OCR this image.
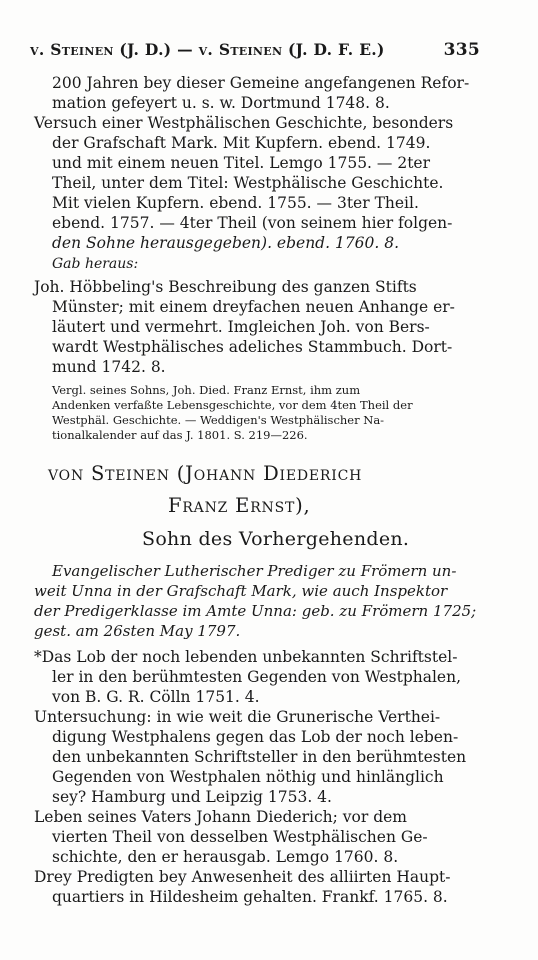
v. Steinen (J. D.) — v. Steinen (J. D. F. E.)	335
200 Jahren bey dieser Gemeine angefangenen Refor-
mation gefeyert u. s. w. Dortmund 1748. 8.
Versuch einer Westphälischen Geschichte, besonders
der Grafschaft Mark. Mit Kupfern. ebend. 1749.
und mit einem neuen Titel. Lemgo 1755. — 2ter
Theil, unter dem Titel: Westphälische Geschichte.
Mit vielen Kupfern. ebend. 1755. — 3ter Theil.
ebend. 1757. — 4ter Theil (von seinem hier folgen-
den Sohne herausgegeben). ebend. 1760. 8.
Gab heraus:
Joh. Höbbeling's Beschreibung des ganzen Stifts
Münster; mit einem dreyfachen neuen Anhange er-
läutert und vermehrt. Imgleichen Joh. von Bers-
wardt Westphälisches adeliches Stammbuch. Dort-
mund 1742. 8.
Vergl. seines Sohns, Joh. Died. Franz Ernst, ihm zum
Andenken verfaßte Lebensgeschichte, vor dem 4ten Theil der
Westphäl. Geschichte. — Weddigen's Westphälischer Na-
tionalkalender auf das J. 1801. S. 219—226.
von Steinen (Johann Diederich
Franz Ernst),
Sohn des Vorhergehenden.
Evangelischer Lutherischer Prediger zu Frömern un-
weit Unna in der Grafschaft Mark, wie auch Inspektor
der Predigerklasse im Amte Unna: geb. zu Frömern 1725;
gest. am 26sten May 1797.
*Das Lob der noch lebenden unbekannten Schriftstel-
ler in den berühmtesten Gegenden von Westphalen,
von B. G. R. Cölln 1751. 4.
Untersuchung: in wie weit die Grunerische Verthei-
digung Westphalens gegen das Lob der noch leben-
den unbekannten Schriftsteller in den berühmtesten
Gegenden von Westphalen nöthig und hinlänglich
sey? Hamburg und Leipzig 1753. 4.
Leben seines Vaters Johann Diederich; vor dem
vierten Theil von desselben Westphälischen Ge-
schichte, den er herausgab. Lemgo 1760. 8.
Drey Predigten bey Anwesenheit des alliirten Haupt-
quartiers in Hildesheim gehalten. Frankf. 1765. 8.
